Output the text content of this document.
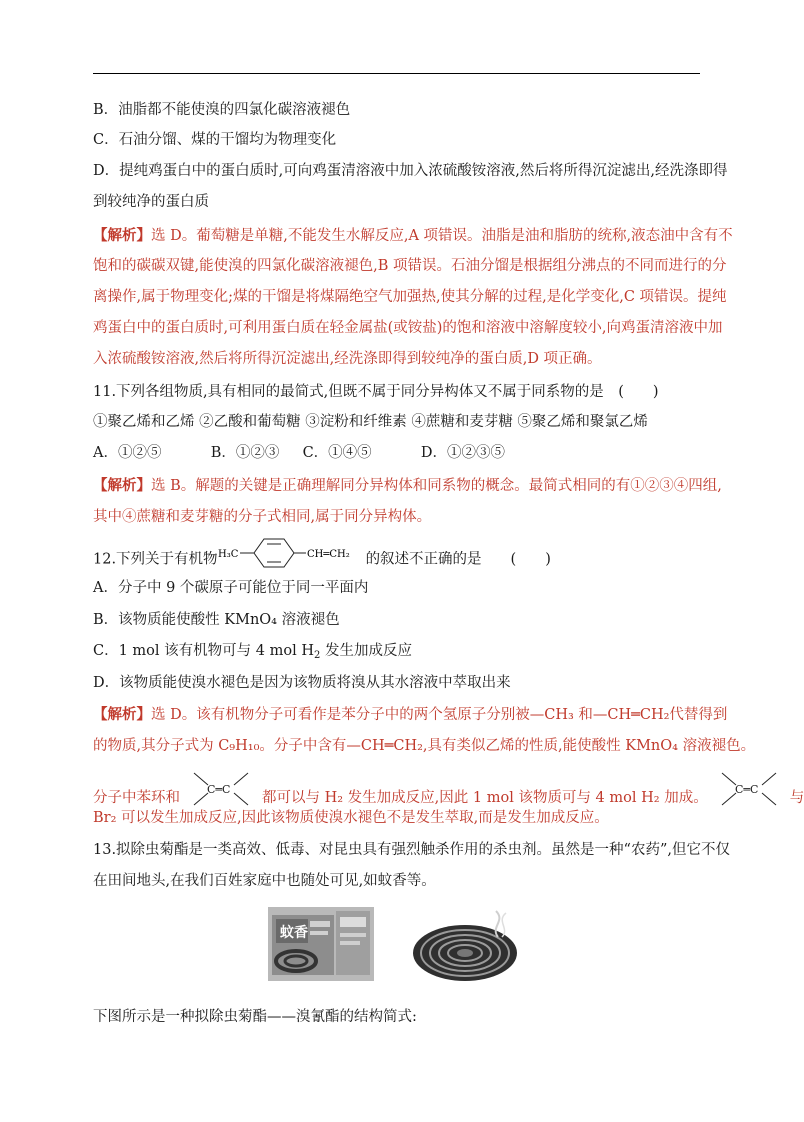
B．油脂都不能使溴的四氯化碳溶液褪色
C．石油分馏、煤的干馏均为物理变化
D．提纯鸡蛋白中的蛋白质时,可向鸡蛋清溶液中加入浓硫酸铵溶液,然后将所得沉淀滤出,经洗涤即得
到较纯净的蛋白质
【解析】选 D。葡萄糖是单糖,不能发生水解反应,A 项错误。油脂是油和脂肪的统称,液态油中含有不
饱和的碳碳双键,能使溴的四氯化碳溶液褪色,B 项错误。石油分馏是根据组分沸点的不同而进行的分
离操作,属于物理变化;煤的干馏是将煤隔绝空气加强热,使其分解的过程,是化学变化,C 项错误。提纯
鸡蛋白中的蛋白质时,可利用蛋白质在轻金属盐(或铵盐)的饱和溶液中溶解度较小,向鸡蛋清溶液中加
入浓硫酸铵溶液,然后将所得沉淀滤出,经洗涤即得到较纯净的蛋白质,D 项正确。
11.下列各组物质,具有相同的最简式,但既不属于同分异构体又不属于同系物的是　(　　)
①聚乙烯和乙烯 ②乙酸和葡萄糖 ③淀粉和纤维素 ④蔗糖和麦芽糖 ⑤聚乙烯和聚氯乙烯
A．①②⑤	B．①②③ C．①④⑤	D．①②③⑤
【解析】选 B。解题的关键是正确理解同分异构体和同系物的概念。最简式相同的有①②③④四组,
其中④蔗糖和麦芽糖的分子式相同,属于同分异构体。
12.下列关于有机物 H₃C	CH═CH₂ 的叙述不正确的是　　(　　)
A．分子中 9 个碳原子可能位于同一平面内
B．该物质能使酸性 KMnO₄ 溶液褪色
C．1 mol 该有机物可与 4 mol $H_2$ 发生加成反应
D．该物质能使溴水褪色是因为该物质将溴从其水溶液中萃取出来
【解析】选 D。该有机物分子可看作是苯分子中的两个氢原子分别被—CH₃ 和—CH═CH₂代替得到
的物质,其分子式为 C₉H₁₀。分子中含有—CH═CH₂,具有类似乙烯的性质,能使酸性 KMnO₄ 溶液褪色。
分子中苯环和
C═C
都可以与 H₂ 发生加成反应,因此 1 mol 该物质可与 4 mol H₂ 加成。
C═C
与
Br₂ 可以发生加成反应,因此该物质使溴水褪色不是发生萃取,而是发生加成反应。
13.拟除虫菊酯是一类高效、低毒、对昆虫具有强烈触杀作用的杀虫剂。虽然是一种“农药”,但它不仅
在田间地头,在我们百姓家庭中也随处可见,如蚊香等。
蚊香
下图所示是一种拟除虫菊酯——溴氰酯的结构简式:
